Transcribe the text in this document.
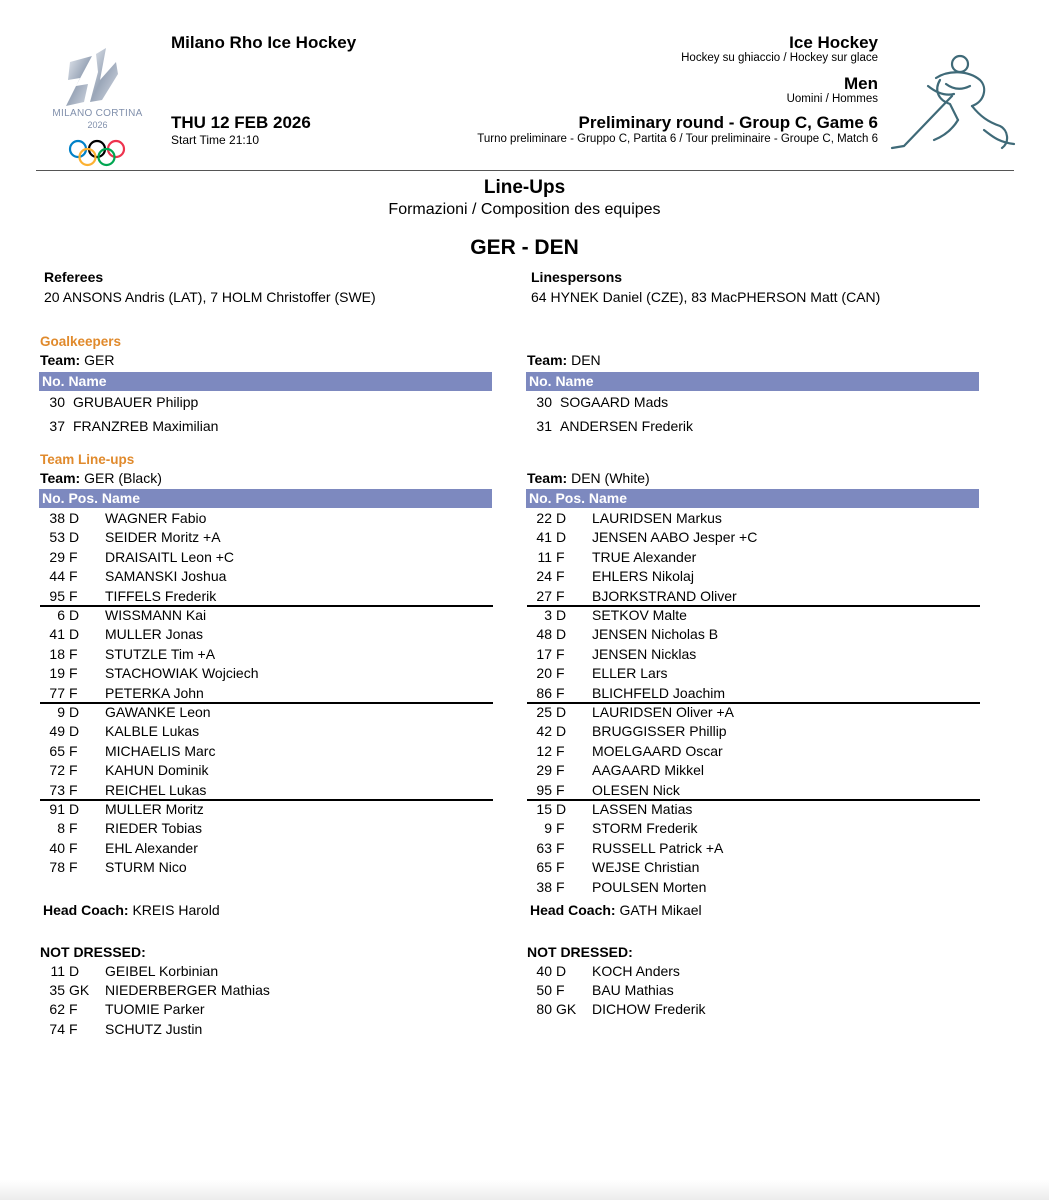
MILANO CORTINA
2026
Milano Rho Ice Hockey
THU 12 FEB 2026
Start Time 21:10
Ice Hockey
Hockey su ghiaccio / Hockey sur glace
Men
Uomini / Hommes
Preliminary round - Group C, Game 6
Turno preliminare - Gruppo C, Partita 6 / Tour preliminaire - Groupe C, Match 6
Line-Ups
Formazioni / Composition des equipes
GER - DEN
Referees
20 ANSONS Andris (LAT), 7 HOLM Christoffer (SWE)
Linespersons
64 HYNEK Daniel (CZE), 83 MacPHERSON Matt (CAN)
Goalkeepers
Team: GER
No. Name
30 GRUBAUER Philipp
37 FRANZREB Maximilian
Team: DEN
No. Name
30 SOGAARD Mads
31 ANDERSEN Frederik
Team Line-ups
Team: GER (Black)
No. Pos. Name
38 D WAGNER Fabio
53 D SEIDER Moritz +A
29 F DRAISAITL Leon +C
44 F SAMANSKI Joshua
95 F TIFFELS Frederik
6 D WISSMANN Kai
41 D MULLER Jonas
18 F STUTZLE Tim +A
19 F STACHOWIAK Wojciech
77 F PETERKA John
9 D GAWANKE Leon
49 D KALBLE Lukas
65 F MICHAELIS Marc
72 F KAHUN Dominik
73 F REICHEL Lukas
91 D MULLER Moritz
8 F RIEDER Tobias
40 F EHL Alexander
78 F STURM Nico
Team: DEN (White)
No. Pos. Name
22 D LAURIDSEN Markus
41 D JENSEN AABO Jesper +C
11 F TRUE Alexander
24 F EHLERS Nikolaj
27 F BJORKSTRAND Oliver
3 D SETKOV Malte
48 D JENSEN Nicholas B
17 F JENSEN Nicklas
20 F ELLER Lars
86 F BLICHFELD Joachim
25 D LAURIDSEN Oliver +A
42 D BRUGGISSER Phillip
12 F MOELGAARD Oscar
29 F AAGAARD Mikkel
95 F OLESEN Nick
15 D LASSEN Matias
9 F STORM Frederik
63 F RUSSELL Patrick +A
65 F WEJSE Christian
38 F POULSEN Morten
Head Coach: KREIS Harold	Head Coach: GATH Mikael
NOT DRESSED:
11 D GEIBEL Korbinian
35 GK NIEDERBERGER Mathias
62 F TUOMIE Parker
74 F SCHUTZ Justin
NOT DRESSED:
40 D KOCH Anders
50 F BAU Mathias
80 GK DICHOW Frederik
